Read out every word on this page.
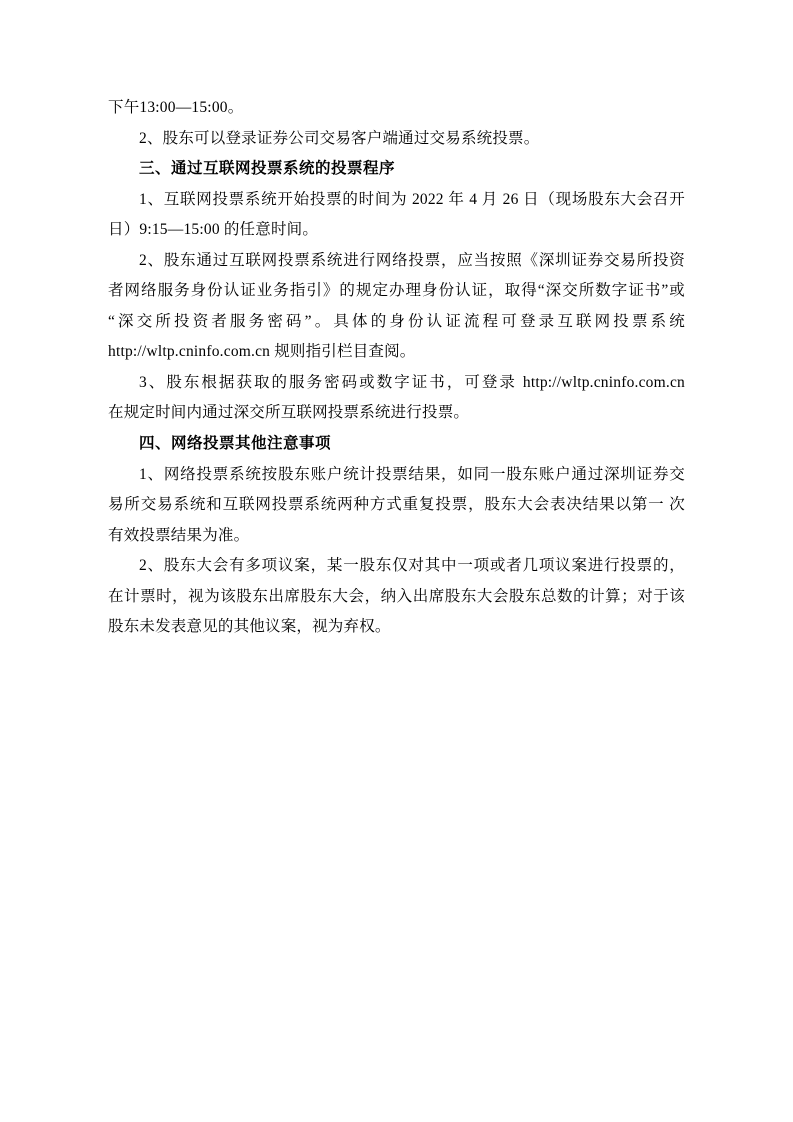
下午13:00—15:00。
2、股东可以登录证券公司交易客户端通过交易系统投票。
三、通过互联网投票系统的投票程序
1、互联网投票系统开始投票的时间为 2022 年 4 月 26 日（现场股东大会召开
日）9:15—15:00 的任意时间。
2、股东通过互联网投票系统进行网络投票，应当按照《深圳证券交易所投资
者网络服务身份认证业务指引》的规定办理身份认证，取得“深交所数字证书”或
“深交所投资者服务密码”。具体的身份认证流程可登录互联网投票系统
http://wltp.cninfo.com.cn 规则指引栏目查阅。
3、股东根据获取的服务密码或数字证书，可登录 http://wltp.cninfo.com.cn
在规定时间内通过深交所互联网投票系统进行投票。
四、网络投票其他注意事项
1、网络投票系统按股东账户统计投票结果，如同一股东账户通过深圳证券交
易所交易系统和互联网投票系统两种方式重复投票，股东大会表决结果以第一 次
有效投票结果为准。
2、股东大会有多项议案，某一股东仅对其中一项或者几项议案进行投票的，
在计票时，视为该股东出席股东大会，纳入出席股东大会股东总数的计算；对于该
股东未发表意见的其他议案，视为弃权。
